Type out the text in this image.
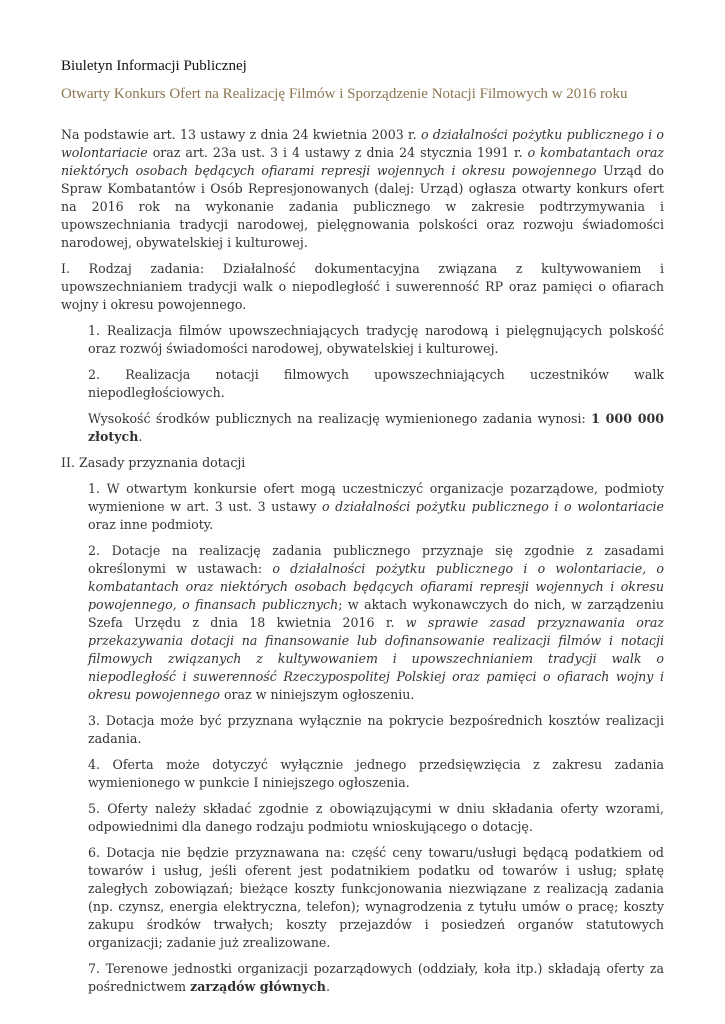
Biuletyn Informacji Publicznej

Otwarty Konkurs Ofert na Realizację Filmów i Sporządzenie Notacji Filmowych w 2016 roku

Na podstawie art. 13 ustawy z dnia 24 kwietnia 2003 r. o działalności pożytku publicznego i o wolontariacie oraz art. 23a ust. 3 i 4 ustawy z dnia 24 stycznia 1991 r. o kombatantach oraz niektórych osobach będących ofiarami represji wojennych i okresu powojennego Urząd do Spraw Kombatantów i Osób Represjonowanych (dalej: Urząd) ogłasza otwarty konkurs ofert na 2016 rok na wykonanie zadania publicznego w zakresie podtrzymywania i upowszechniania tradycji narodowej, pielęgnowania polskości oraz rozwoju świadomości narodowej, obywatelskiej i kulturowej.

I. Rodzaj zadania: Działalność dokumentacyjna związana z kultywowaniem i upowszechnianiem tradycji walk o niepodległość i suwerenność RP oraz pamięci o ofiarach wojny i okresu powojennego.

1. Realizacja filmów upowszechniających tradycję narodową i pielęgnujących polskość oraz rozwój świadomości narodowej, obywatelskiej i kulturowej.

2. Realizacja notacji filmowych upowszechniających uczestników walk niepodległościowych.

Wysokość środków publicznych na realizację wymienionego zadania wynosi: 1 000 000 złotych.

II. Zasady przyznania dotacji

1. W otwartym konkursie ofert mogą uczestniczyć organizacje pozarządowe, podmioty wymienione w art. 3 ust. 3 ustawy o działalności pożytku publicznego i o wolontariacie oraz inne podmioty.

2. Dotacje na realizację zadania publicznego przyznaje się zgodnie z zasadami określonymi w ustawach: o działalności pożytku publicznego i o wolontariacie, o kombatantach oraz niektórych osobach będących ofiarami represji wojennych i okresu powojennego, o finansach publicznych; w aktach wykonawczych do nich, w zarządzeniu Szefa Urzędu z dnia 18 kwietnia 2016 r. w sprawie zasad przyznawania oraz przekazywania dotacji na finansowanie lub dofinansowanie realizacji filmów i notacji filmowych związanych z kultywowaniem i upowszechnianiem tradycji walk o niepodległość i suwerenność Rzeczypospolitej Polskiej oraz pamięci o ofiarach wojny i okresu powojennego oraz w niniejszym ogłoszeniu.

3. Dotacja może być przyznana wyłącznie na pokrycie bezpośrednich kosztów realizacji zadania.

4. Oferta może dotyczyć wyłącznie jednego przedsięwzięcia z zakresu zadania wymienionego w punkcie I niniejszego ogłoszenia.

5. Oferty należy składać zgodnie z obowiązującymi w dniu składania oferty wzorami, odpowiednimi dla danego rodzaju podmiotu wnioskującego o dotację.

6. Dotacja nie będzie przyznawana na: część ceny towaru/usługi będącą podatkiem od towarów i usług, jeśli oferent jest podatnikiem podatku od towarów i usług; spłatę zaległych zobowiązań; bieżące koszty funkcjonowania niezwiązane z realizacją zadania (np. czynsz, energia elektryczna, telefon); wynagrodzenia z tytułu umów o pracę; koszty zakupu środków trwałych; koszty przejazdów i posiedzeń organów statutowych organizacji; zadanie już zrealizowane.

7. Terenowe jednostki organizacji pozarządowych (oddziały, koła itp.) składają oferty za pośrednictwem zarządów głównych.
